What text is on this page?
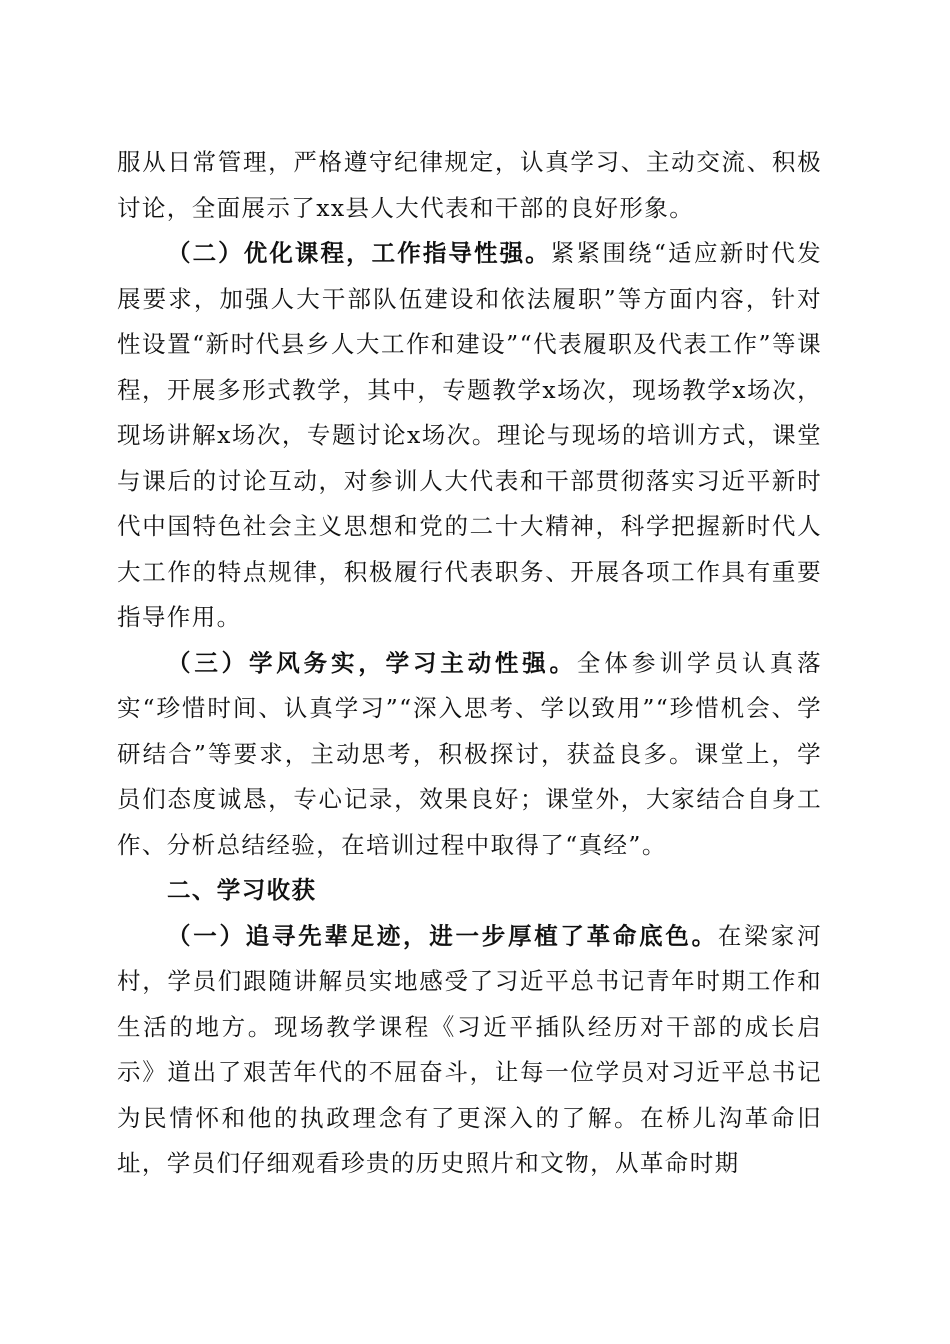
服从日常管理，严格遵守纪律规定，认真学习、主动交流、积极讨论，全面展示了xx县人大代表和干部的良好形象。

（二）优化课程，工作指导性强。紧紧围绕“适应新时代发展要求，加强人大干部队伍建设和依法履职”等方面内容，针对性设置“新时代县乡人大工作和建设”“代表履职及代表工作”等课程，开展多形式教学，其中，专题教学x场次，现场教学x场次，现场讲解x场次，专题讨论x场次。理论与现场的培训方式，课堂与课后的讨论互动，对参训人大代表和干部贯彻落实习近平新时代中国特色社会主义思想和党的二十大精神，科学把握新时代人大工作的特点规律，积极履行代表职务、开展各项工作具有重要指导作用。

（三）学风务实，学习主动性强。全体参训学员认真落实“珍惜时间、认真学习”“深入思考、学以致用”“珍惜机会、学研结合”等要求，主动思考，积极探讨，获益良多。课堂上，学员们态度诚恳，专心记录，效果良好；课堂外，大家结合自身工作、分析总结经验，在培训过程中取得了“真经”。

二、学习收获

（一）追寻先辈足迹，进一步厚植了革命底色。在梁家河村，学员们跟随讲解员实地感受了习近平总书记青年时期工作和生活的地方。现场教学课程《习近平插队经历对干部的成长启示》道出了艰苦年代的不屈奋斗，让每一位学员对习近平总书记为民情怀和他的执政理念有了更深入的了解。在桥儿沟革命旧址，学员们仔细观看珍贵的历史照片和文物，从革命时期
